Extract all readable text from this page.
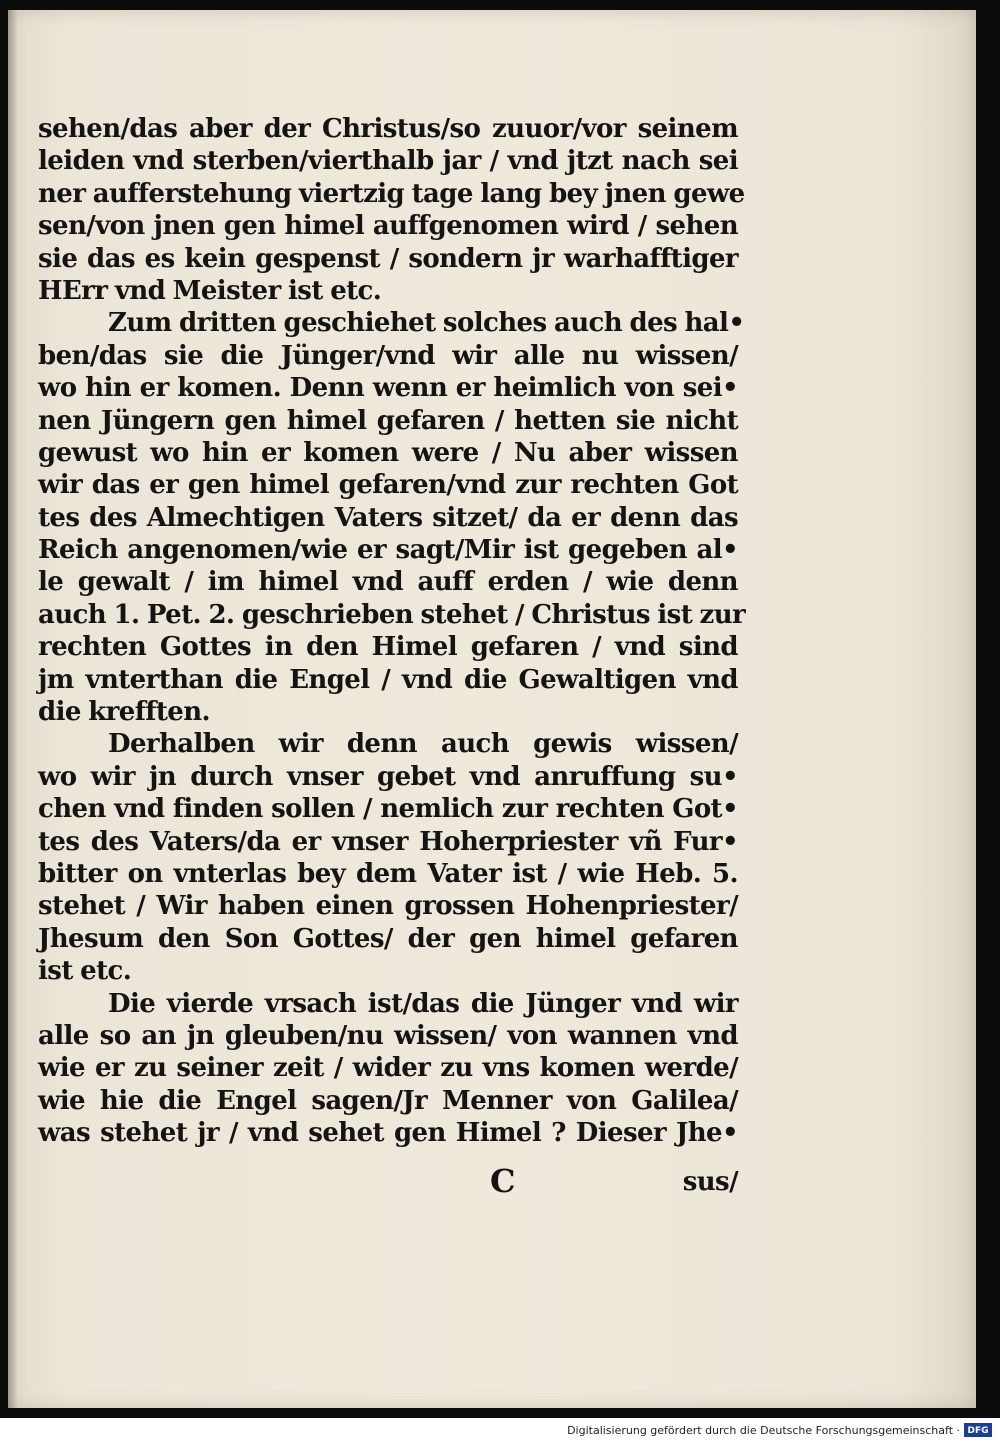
sehen/das aber der Christus/so zuuor/vor seinem
leiden vnd sterben/vierthalb jar / vnd jtzt nach sei
ner aufferstehung viertzig tage lang bey jnen gewe
sen/von jnen gen himel auffgenomen wird / sehen
sie das es kein gespenst / sondern jr warhafftiger
HErr vnd Meister ist etc.
Zum dritten geschiehet solches auch des hal•
ben/das sie die Jünger/vnd wir alle nu wissen/
wo hin er komen. Denn wenn er heimlich von sei•
nen Jüngern gen himel gefaren / hetten sie nicht
gewust wo hin er komen were / Nu aber wissen
wir das er gen himel gefaren/vnd zur rechten Got
tes des Almechtigen Vaters sitzet/ da er denn das
Reich angenomen/wie er sagt/Mir ist gegeben al•
le gewalt / im himel vnd auff erden / wie denn
auch 1. Pet. 2. geschrieben stehet / Christus ist zur
rechten Gottes in den Himel gefaren / vnd sind
jm vnterthan die Engel / vnd die Gewaltigen vnd
die krefften.
Derhalben wir denn auch gewis wissen/
wo wir jn durch vnser gebet vnd anruffung su•
chen vnd finden sollen / nemlich zur rechten Got•
tes des Vaters/da er vnser Hoherpriester vñ Fur•
bitter on vnterlas bey dem Vater ist / wie Heb. 5.
stehet / Wir haben einen grossen Hohenpriester/
Jhesum den Son Gottes/ der gen himel gefaren
ist etc.
Die vierde vrsach ist/das die Jünger vnd wir
alle so an jn gleuben/nu wissen/ von wannen vnd
wie er zu seiner zeit / wider zu vns komen werde/
wie hie die Engel sagen/Jr Menner von Galilea/
was stehet jr / vnd sehet gen Himel ? Dieser Jhe•
C	sus/
Digitalisierung gefördert durch die Deutsche Forschungsgemeinschaft · DFG
